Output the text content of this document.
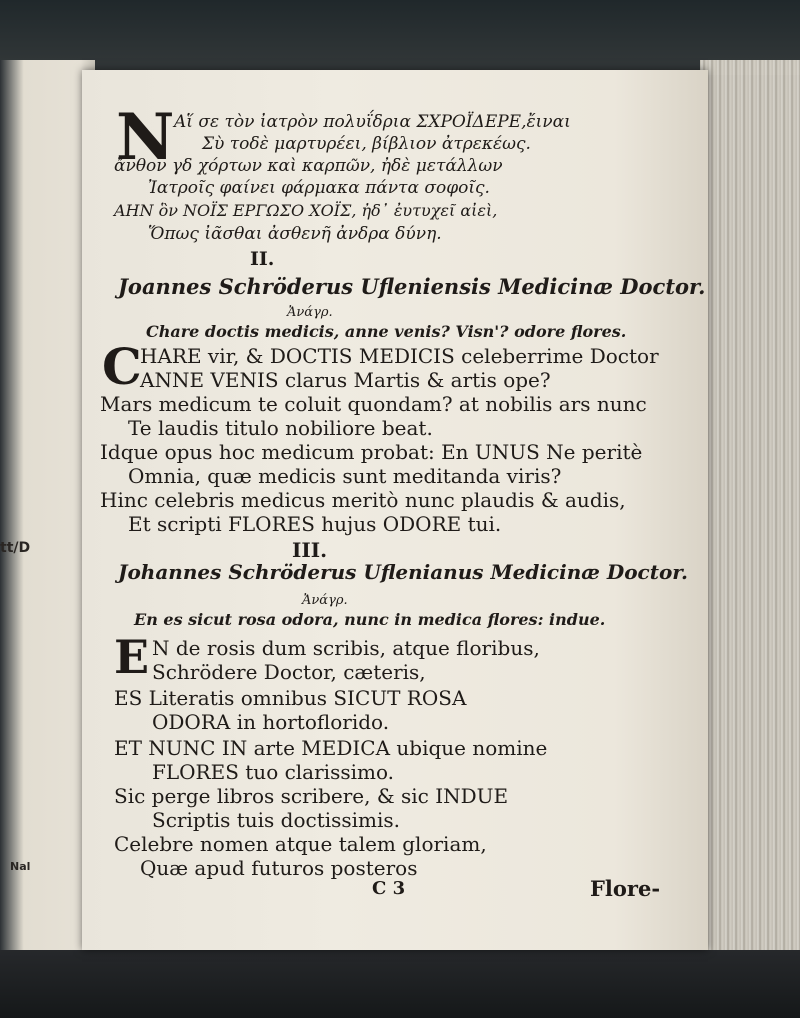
tt/D
Nal
N Αἵ σε τὸν ἰατρὸν πολυΐδρια ΣΧΡΟΪΔΕΡΕ,ἔιναι
Σὺ τοδὲ μαρτυρέει, βίβλιον ἀτρεκέως.
ἄνθον γδ χόρτων καὶ καρπῶν, ἠδὲ μετάλλων
Ἰατροῖς φαίνει φάρμακα πάντα σοφοῖς.
ΑΗΝ ὃν ΝΟΪΣ ΕΡΓΩΣΟ ΧΟΪΣ, ἠδ᾽ ἐυτυχεῖ αἰεὶ,
Ὅπως ἰᾶσθαι ἀσθενῆ ἀνδρα δύνη.
II.
Joannes Schröderus Ufleniensis Medicinæ Doctor.
Ἀνάγρ.
Chare doctis medicis, anne venis? Visn'? odore flores.
C
HARE vir, & DOCTIS MEDICIS celeberrime Doctor
ANNE VENIS clarus Martis & artis ope?
Mars medicum te coluit quondam? at nobilis ars nunc
Te laudis titulo nobiliore beat.
Idque opus hoc medicum probat: En UNUS Ne peritè
Omnia, quæ medicis sunt meditanda viris?
Hinc celebris medicus meritò nunc plaudis & audis,
Et scripti FLORES hujus ODORE tui.
III.
Johannes Schröderus Uflenianus Medicinæ Doctor.
Ἀνάγρ.
En es sicut rosa odora, nunc in medica flores: indue.
E N de rosis dum scribis, atque floribus,
Schrödere Doctor, cæteris,
ES Literatis omnibus SICUT ROSA
ODORA in hortoflorido.
ET NUNC IN arte MEDICA ubique nomine
FLORES tuo clarissimo.
Sic perge libros scribere, & sic INDUE
Scriptis tuis doctissimis.
Celebre nomen atque talem gloriam,
Quæ apud futuros posteros
C 3	Flore-
